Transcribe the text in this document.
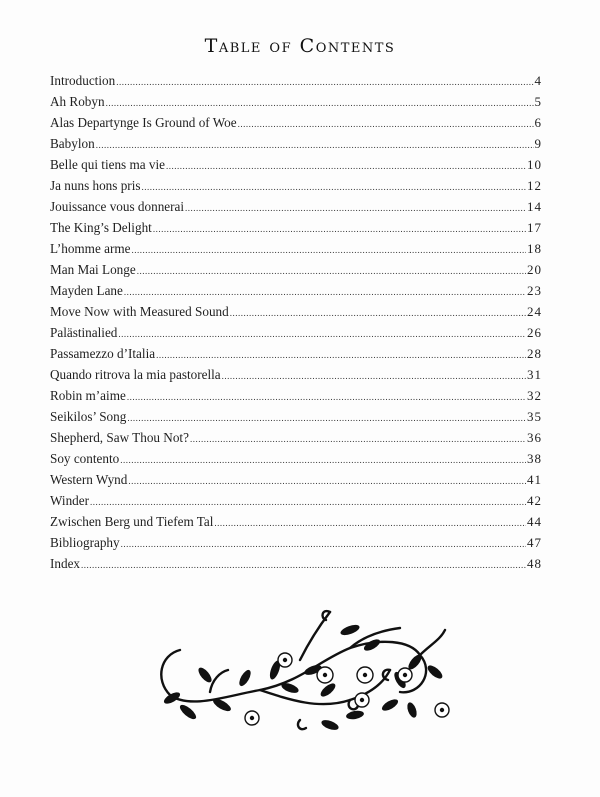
Table of Contents
Introduction .....	4
Ah Robyn .....	5
Alas Departynge Is Ground of Woe .....	6
Babylon .....	9
Belle qui tiens ma vie .....	10
Ja nuns hons pris .....	12
Jouissance vous donnerai .....	14
The King’s Delight .....	17
L’homme arme .....	18
Man Mai Longe .....	20
Mayden Lane .....	23
Move Now with Measured Sound .....	24
Palästinalied .....	26
Passamezzo d’Italia .....	28
Quando ritrova la mia pastorella .....	31
Robin m’aime .....	32
Seikilos’ Song .....	35
Shepherd, Saw Thou Not? .....	36
Soy contento .....	38
Western Wynd .....	41
Winder .....	42
Zwischen Berg und Tiefem Tal .....	44
Bibliography .....	47
Index .....	48
